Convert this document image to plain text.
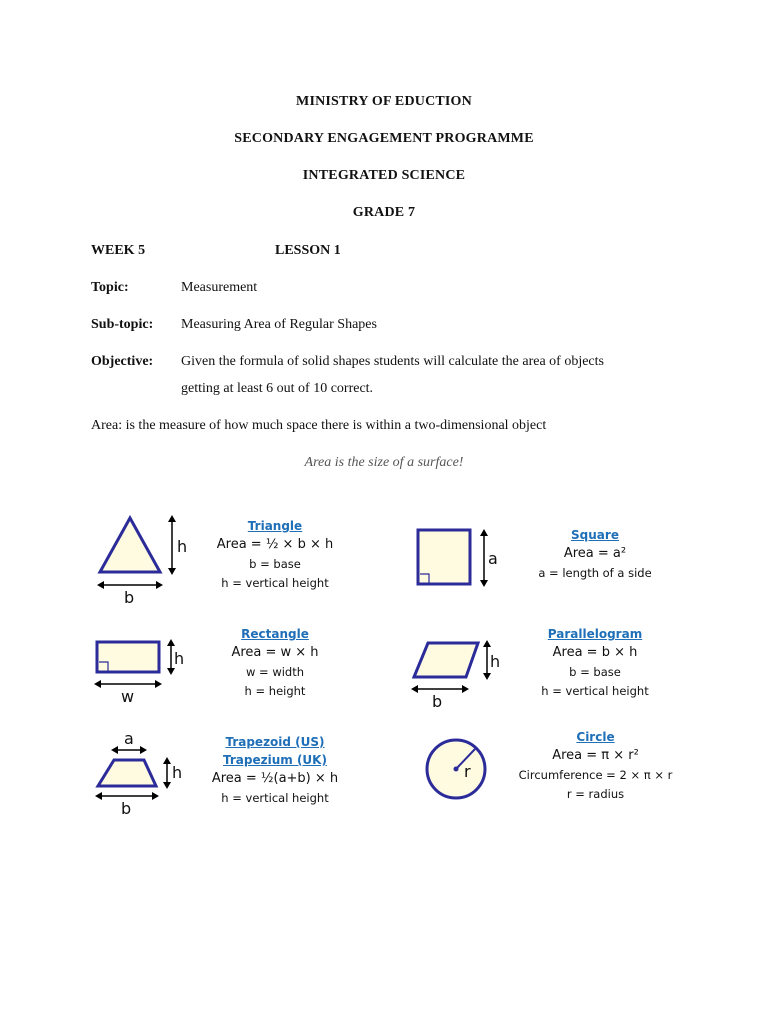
MINISTRY OF EDUCTION
SECONDARY ENGAGEMENT PROGRAMME
INTEGRATED SCIENCE
GRADE 7
WEEK 5	LESSON 1
Topic:	Measurement
Sub-topic: Measuring Area of Regular Shapes
Objective: Given the formula of solid shapes students will calculate the area of objects
getting at least 6 out of 10 correct.
Area: is the measure of how much space there is within a two-dimensional object
Area is the size of a surface!
h
b
Triangle
Area = ½ × b × h
b = base
h = vertical height
a
Square
Area = a²
a = length of a side
h
w
Rectangle
Area = w × h
w = width
h = height
h
b
Parallelogram
Area = b × h
b = base
h = vertical height
a
h
b
Trapezoid (US)
Trapezium (UK)
Area = ½(a+b) × h
h = vertical height
r
Circle
Area = π × r²
Circumference = 2 × π × r
r = radius
